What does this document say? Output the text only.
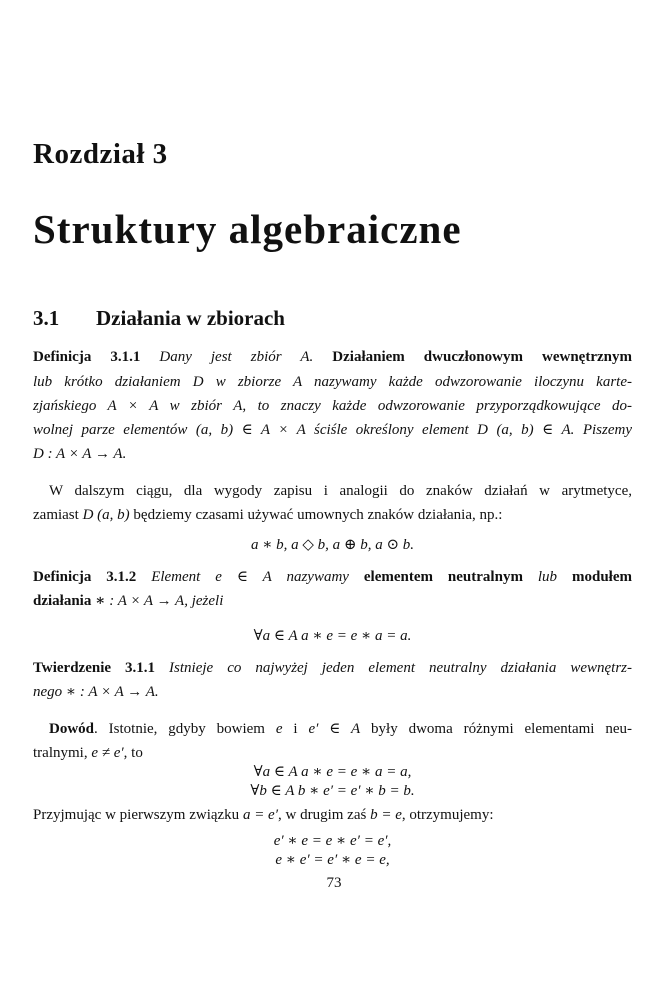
Rozdział 3
Struktury algebraiczne
3.1 Działania w zbiorach
Definicja 3.1.1 Dany jest zbiór A. Działaniem dwuczłonowym wewnętrznym
lub krótko działaniem D w zbiorze A nazywamy każde odwzorowanie iloczynu karte-
zjańskiego A × A w zbiór A, to znaczy każde odwzorowanie przyporządkowujące do-
wolnej parze elementów (a, b) ∈ A × A ściśle określony element D (a, b) ∈ A. Piszemy
D : A × A → A.
W dalszym ciągu, dla wygody zapisu i analogii do znaków działań w arytmetyce,
zamiast D (a, b) będziemy czasami używać umownych znaków działania, np.:
a ∗ b, a ◇ b, a ⊕ b, a ⊙ b.
Definicja 3.1.2 Element e ∈ A nazywamy elementem neutralnym lub modułem
działania ∗ : A × A → A, jeżeli
∀a ∈ A a ∗ e = e ∗ a = a.
Twierdzenie 3.1.1 Istnieje co najwyżej jeden element neutralny działania wewnętrz-
nego ∗ : A × A → A.
Dowód. Istotnie, gdyby bowiem e i e′ ∈ A były dwoma różnymi elementami neu-
tralnymi, e ≠ e′, to
∀a ∈ A a ∗ e = e ∗ a = a,
∀b ∈ A b ∗ e′ = e′ ∗ b = b.
Przyjmując w pierwszym związku a = e′, w drugim zaś b = e, otrzymujemy:
e′ ∗ e = e ∗ e′ = e′,
e ∗ e′ = e′ ∗ e = e,
73
